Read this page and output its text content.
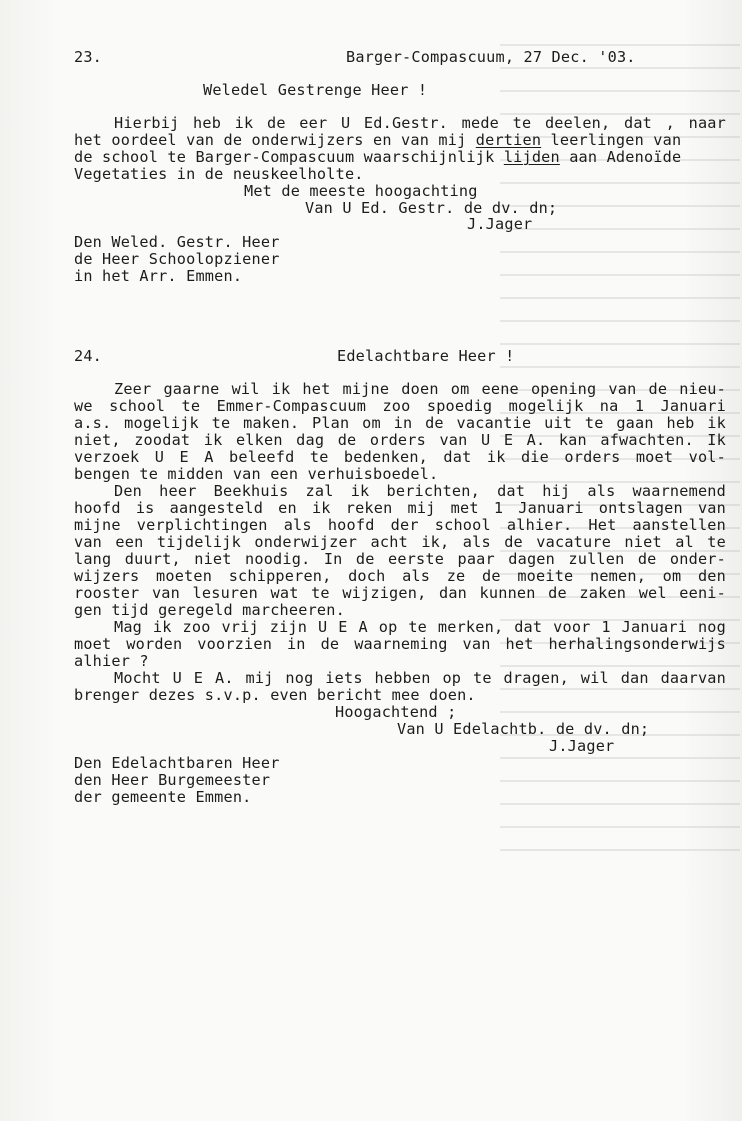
23.	Barger-Compascuum, 27 Dec. '03.
Weledel Gestrenge Heer !
Hierbij heb ik de eer U Ed.Gestr. mede te deelen, dat , naar
het oordeel van de onderwijzers en van mij dertien leerlingen van
de school te Barger-Compascuum waarschijnlijk lijden aan Adenoïde
Vegetaties in de neuskeelholte.
Met de meeste hoogachting
Van U Ed. Gestr. de dv. dn;
J.Jager
Den Weled. Gestr. Heer
de Heer Schoolopziener
in het Arr. Emmen.
24.	Edelachtbare Heer !
Zeer gaarne wil ik het mijne doen om eene opening van de nieu-
we school te Emmer-Compascuum zoo spoedig mogelijk na 1 Januari
a.s. mogelijk te maken. Plan om in de vacantie uit te gaan heb ik
niet, zoodat ik elken dag de orders van U E A. kan afwachten. Ik
verzoek U E A beleefd te bedenken, dat ik die orders moet vol-
bengen te midden van een verhuisboedel.
Den heer Beekhuis zal ik berichten, dat hij als waarnemend
hoofd is aangesteld en ik reken mij met 1 Januari ontslagen van
mijne verplichtingen als hoofd der school alhier. Het aanstellen
van een tijdelijk onderwijzer acht ik, als de vacature niet al te
lang duurt, niet noodig. In de eerste paar dagen zullen de onder-
wijzers moeten schipperen, doch als ze de moeite nemen, om den
rooster van lesuren wat te wijzigen, dan kunnen de zaken wel eeni-
gen tijd geregeld marcheeren.
Mag ik zoo vrij zijn U E A op te merken, dat voor 1 Januari nog
moet worden voorzien in de waarneming van het herhalingsonderwijs
alhier ?
Mocht U E A. mij nog iets hebben op te dragen, wil dan daarvan
brenger dezes s.v.p. even bericht mee doen.
Hoogachtend ;
Van U Edelachtb. de dv. dn;
J.Jager
Den Edelachtbaren Heer
den Heer Burgemeester
der gemeente Emmen.
